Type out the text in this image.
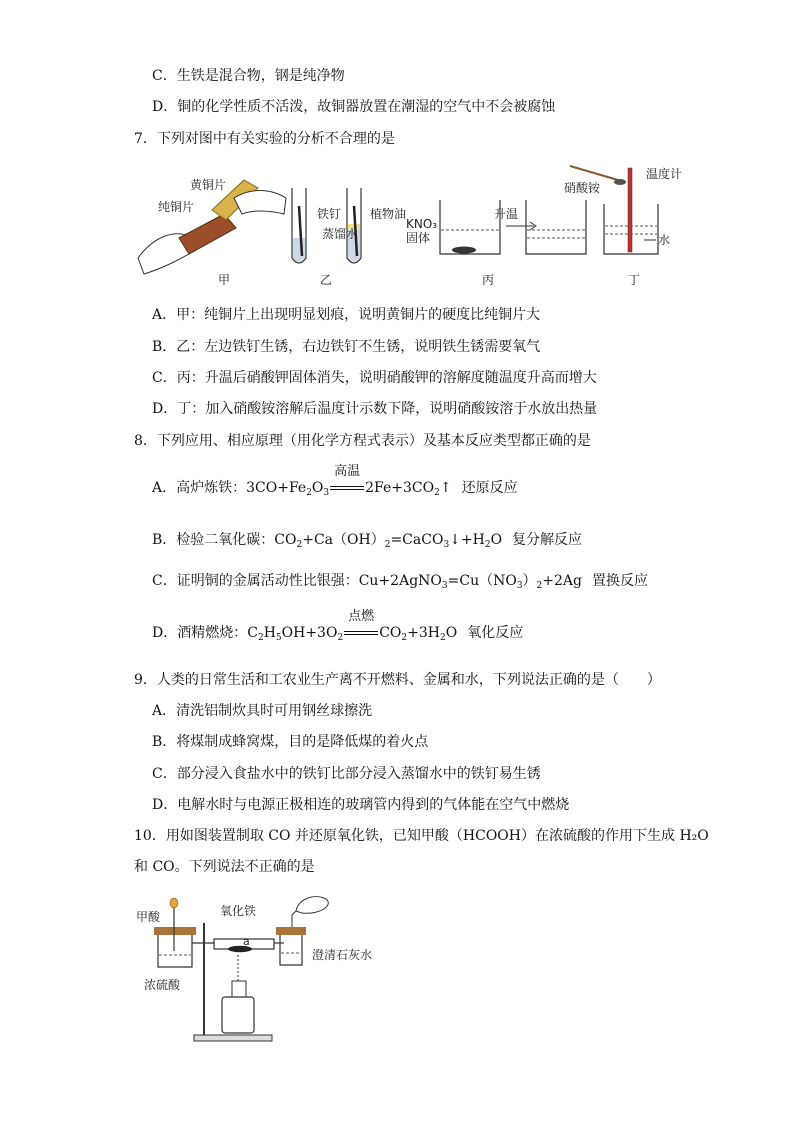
C．生铁是混合物，钢是纯净物
D．铜的化学性质不活泼，故铜器放置在潮湿的空气中不会被腐蚀
7．下列对图中有关实验的分析不合理的是
黄铜片
纯铜片
甲
铁钉
蒸馏水
植物油
乙
KNO₃
固体
升温
丙
硝酸铵
温度计
水
丁
A．甲：纯铜片上出现明显划痕，说明黄铜片的硬度比纯铜片大
B．乙：左边铁钉生锈，右边铁钉不生锈，说明铁生锈需要氧气
C．丙：升温后硝酸钾固体消失，说明硝酸钾的溶解度随温度升高而增大
D．丁：加入硝酸铵溶解后温度计示数下降，说明硝酸铵溶于水放出热量
8．下列应用、相应原理（用化学方程式表示）及基本反应类型都正确的是
A．高炉炼铁：$3CO+Fe_2O_3$
高温
$2Fe+3CO_2↑$ 还原反应
B．检验二氧化碳：$CO_2+Ca(OH)_2=CaCO_3↓+H_2O$ 复分解反应
C．证明铜的金属活动性比银强：$Cu+2AgNO_3=Cu(NO_3)_2+2Ag$ 置换反应
D．酒精燃烧：$C_2H_5OH+3O_2$
点燃
$CO_2+3H_2O$ 氧化反应
9．人类的日常生活和工农业生产离不开燃料、金属和水，下列说法正确的是（　　）
A．清洗铝制炊具时可用钢丝球擦洗
B．将煤制成蜂窝煤，目的是降低煤的着火点
C．部分浸入食盐水中的铁钉比部分浸入蒸馏水中的铁钉易生锈
D．电解水时与电源正极相连的玻璃管内得到的气体能在空气中燃烧
10．用如图装置制取 CO 并还原氧化铁，已知甲酸（HCOOH）在浓硫酸的作用下生成 H₂O
和 CO。下列说法不正确的是
a
甲酸	氧化铁
澄清石灰水
浓硫酸
